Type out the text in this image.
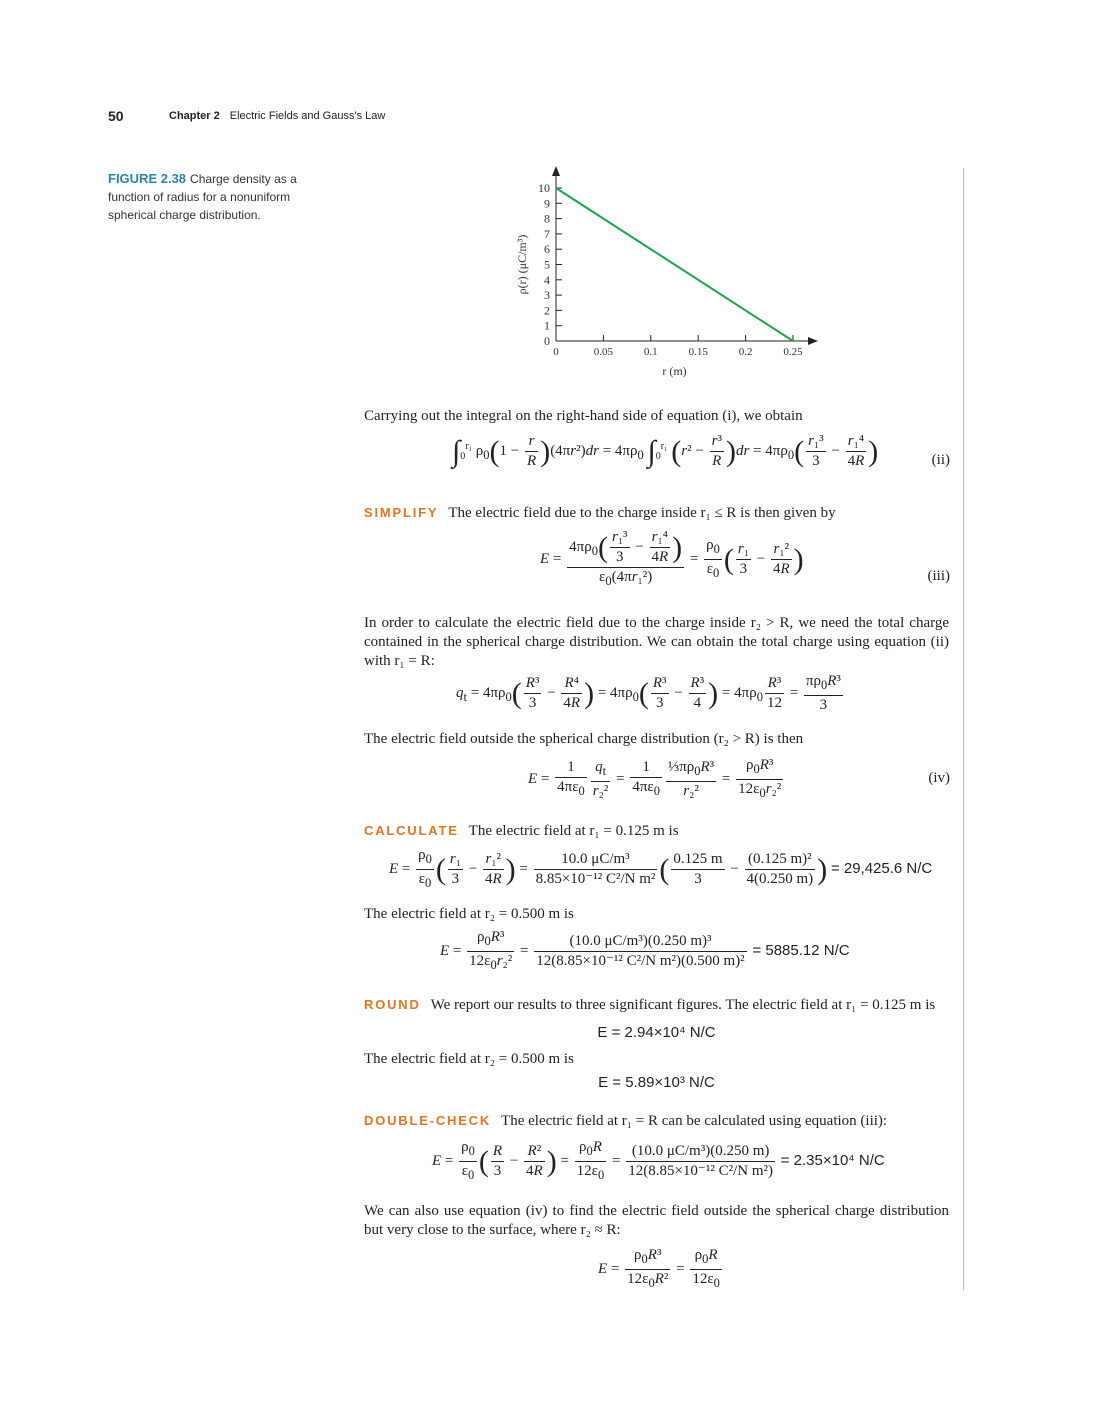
50	Chapter 2 Electric Fields and Gauss's Law
FIGURE 2.38 Charge density as a function of radius for a nonuniform spherical charge distribution.
0
1
2
3
4
5
6
7
8
9
10
0	0.05	0.1	0.15	0.2	0.25
r (m)
ρ(r) (μC/m³)
Carrying out the integral on the right-hand side of equation (i), we obtain
$\int_0^{r_1}$ $\rho_0(1 - \frac{r}{R} )(4\pi r^2)dr = 4\pi\rho_0$ $\int_0^{r_1}$ $(r^2 - \frac{\text{r³}}{R} )dr = 4\pi\rho_0( \frac{\text{r₁³}}{3} - \frac{\text{r₁⁴}}{4R}$ )	(ii)
SIMPLIFY The electric field due to the charge inside r₁ ≤ R is then given by
$E = \frac{4\pi\rho_0( \frac{\text{r₁³}}{3} - \frac{\text{r₁⁴}}{4R} )}{\varepsilon_0(4\pi r_1^2)} = \frac{\rho_0}{\varepsilon_0}$ ( $\frac{\text{r₁}}{3} - \frac{\text{r₁²}}{4R}$ )	(iii)
In order to calculate the electric field due to the charge inside r₂ > R, we need the total charge contained in the spherical charge distribution. We can obtain the total charge using equation (ii) with r₁ = R:
$q_t = 4\pi\rho_0( \frac{\text{R³}}{3} - \frac{\text{R⁴}}{4R}$ ) = $4\pi\rho_0( \frac{\text{R³}}{3} - \frac{\text{R³}}{4}$ ) = $4\pi\rho_0 \frac{\text{R³}}{12} = \frac{\pi\rho_0R^3}{3}$
The electric field outside the spherical charge distribution (r₂ > R) is then
$E = \frac{1}{4\pi\varepsilon_0} \frac{q_t}{\text{r₂²}} = \frac{1}{4\pi\varepsilon_0} \frac{\frac{1}{3}\pi\rho_0R^3}{\text{r₂²}} = \frac{\rho_0R^3}{12\varepsilon_0r_2^2}$	(iv)
CALCULATE The electric field at r₁ = 0.125 m is
$E = \frac{\rho_0}{\varepsilon_0}$ ( $\frac{\text{r₁}}{3} - \frac{\text{r₁²}}{4R}$ ) = $\frac{\text{10.0 μC/m³}}{\text{8.85×10⁻¹² C²/N m²}}$ ( $\frac{0.125 m}{3} - \frac{\text{(0.125 m)²}}{4(0.250 m)}$ ) = 29,425.6 N/C
The electric field at r₂ = 0.500 m is
$E = \frac{\rho_0R^3}{12\varepsilon_0r_2^2} = \frac{\text{(10.0 μC/m³)(0.250 m)³}}{\text{12(8.85×10⁻¹² C²/N m²)(0.500 m)²}} = 5885.12$ N/C
ROUND We report our results to three significant figures. The electric field at r₁ = 0.125 m is
E = 2.94×10⁴ N/C
The electric field at r₂ = 0.500 m is
E = 5.89×10³ N/C
DOUBLE-CHECK The electric field at r₁ = R can be calculated using equation (iii):
$E = \frac{\rho_0}{\varepsilon_0}$ ( $\frac{R}{3} - \frac{\text{R²}}{4R}$ ) = $\frac{\rho_0R}{12\varepsilon_0} = \frac{\text{(10.0 μC/m³)(0.250 m)}}{\text{12(8.85×10⁻¹² C²/N m²)}} = 2.35\times 10^4$ N/C
We can also use equation (iv) to find the electric field outside the spherical charge distribution but very close to the surface, where r₂ ≈ R:
$E = \frac{\rho_0R^3}{12\varepsilon_0R^2} = \frac{\rho_0R}{12\varepsilon_0}$
